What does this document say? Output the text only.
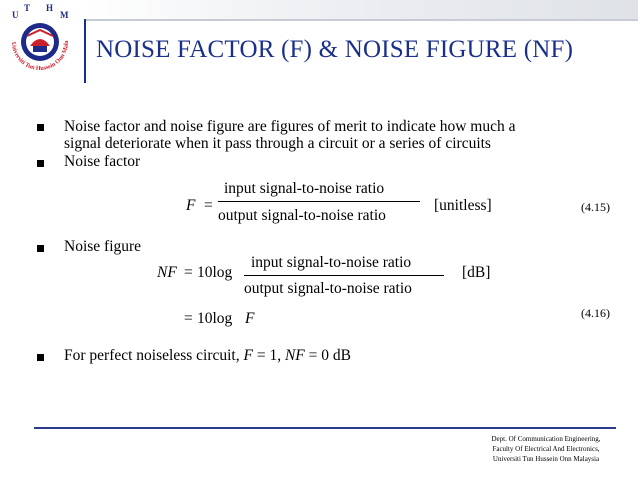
U
T H
M
Universiti Tun Hussein Onn Mala NOISE FACTOR (F) & NOISE FIGURE (NF)
Noise factor and noise figure are figures of merit to indicate how much a
signal deteriorate when it pass through a circuit or a series of circuits
Noise factor
F =
input signal-to-noise ratio
output signal-to-noise ratio
[unitless]	(4.15)
Noise figure
NF = 10log
input signal-to-noise ratio
output signal-to-noise ratio
[dB]
= 10log F	(4.16)
For perfect noiseless circuit, F = 1, NF = 0 dB
Dept. Of Communication Engineering,
Faculty Of Electrical And Electronics,
Universiti Tun Hussein Onn Malaysia
